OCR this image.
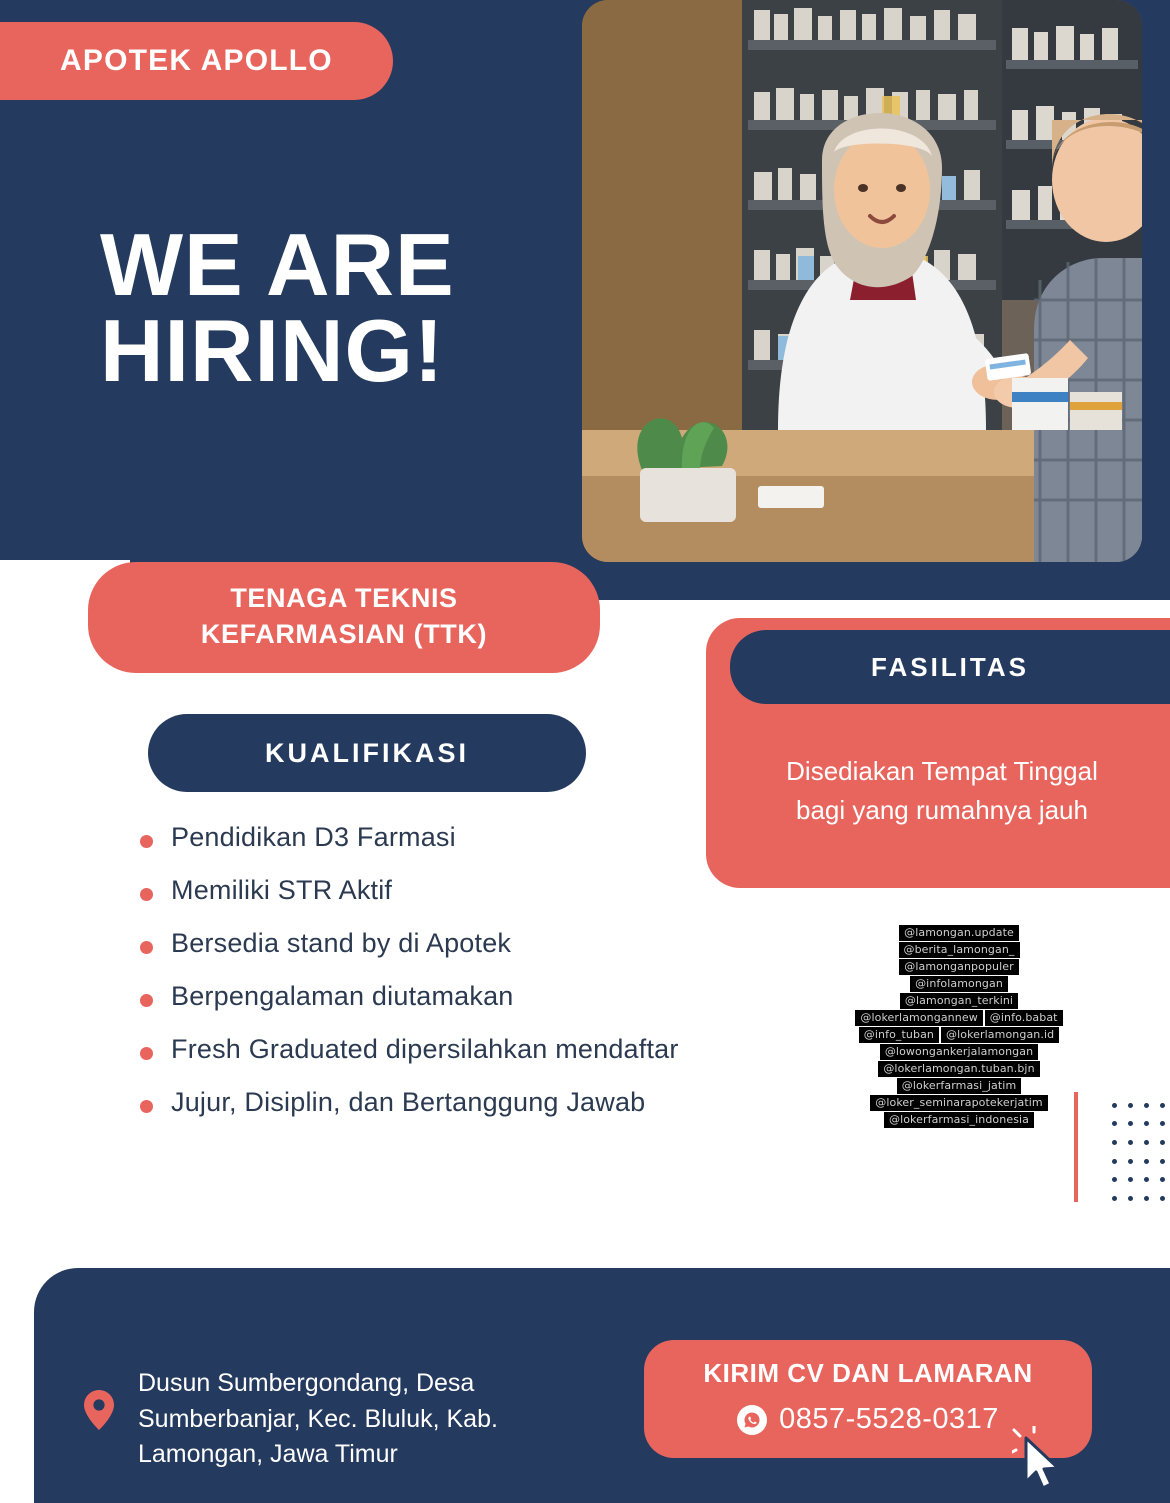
APOTEK APOLLO
WE ARE
HIRING!
TENAGA TEKNIS
KEFARMASIAN (TTK)
KUALIFIKASI
Pendidikan D3 Farmasi
Memiliki STR Aktif
Bersedia stand by di Apotek
Berpengalaman diutamakan
Fresh Graduated dipersilahkan mendaftar
Jujur, Disiplin, dan Bertanggung Jawab
FASILITAS
Disediakan Tempat Tinggal
bagi yang rumahnya jauh
@lamongan.update
@berita_lamongan_
@lamonganpopuler
@infolamongan
@lamongan_terkini
@lokerlamongannew	@info.babat
@info_tuban	@lokerlamongan.id
@lowongankerjalamongan
@lokerlamongan.tuban.bjn
@lokerfarmasi_jatim
@loker_seminarapotekerjatim
@lokerfarmasi_indonesia
Dusun Sumbergondang, Desa
Sumberbanjar, Kec. Bluluk, Kab.
Lamongan, Jawa Timur
KIRIM CV DAN LAMARAN
0857-5528-0317
